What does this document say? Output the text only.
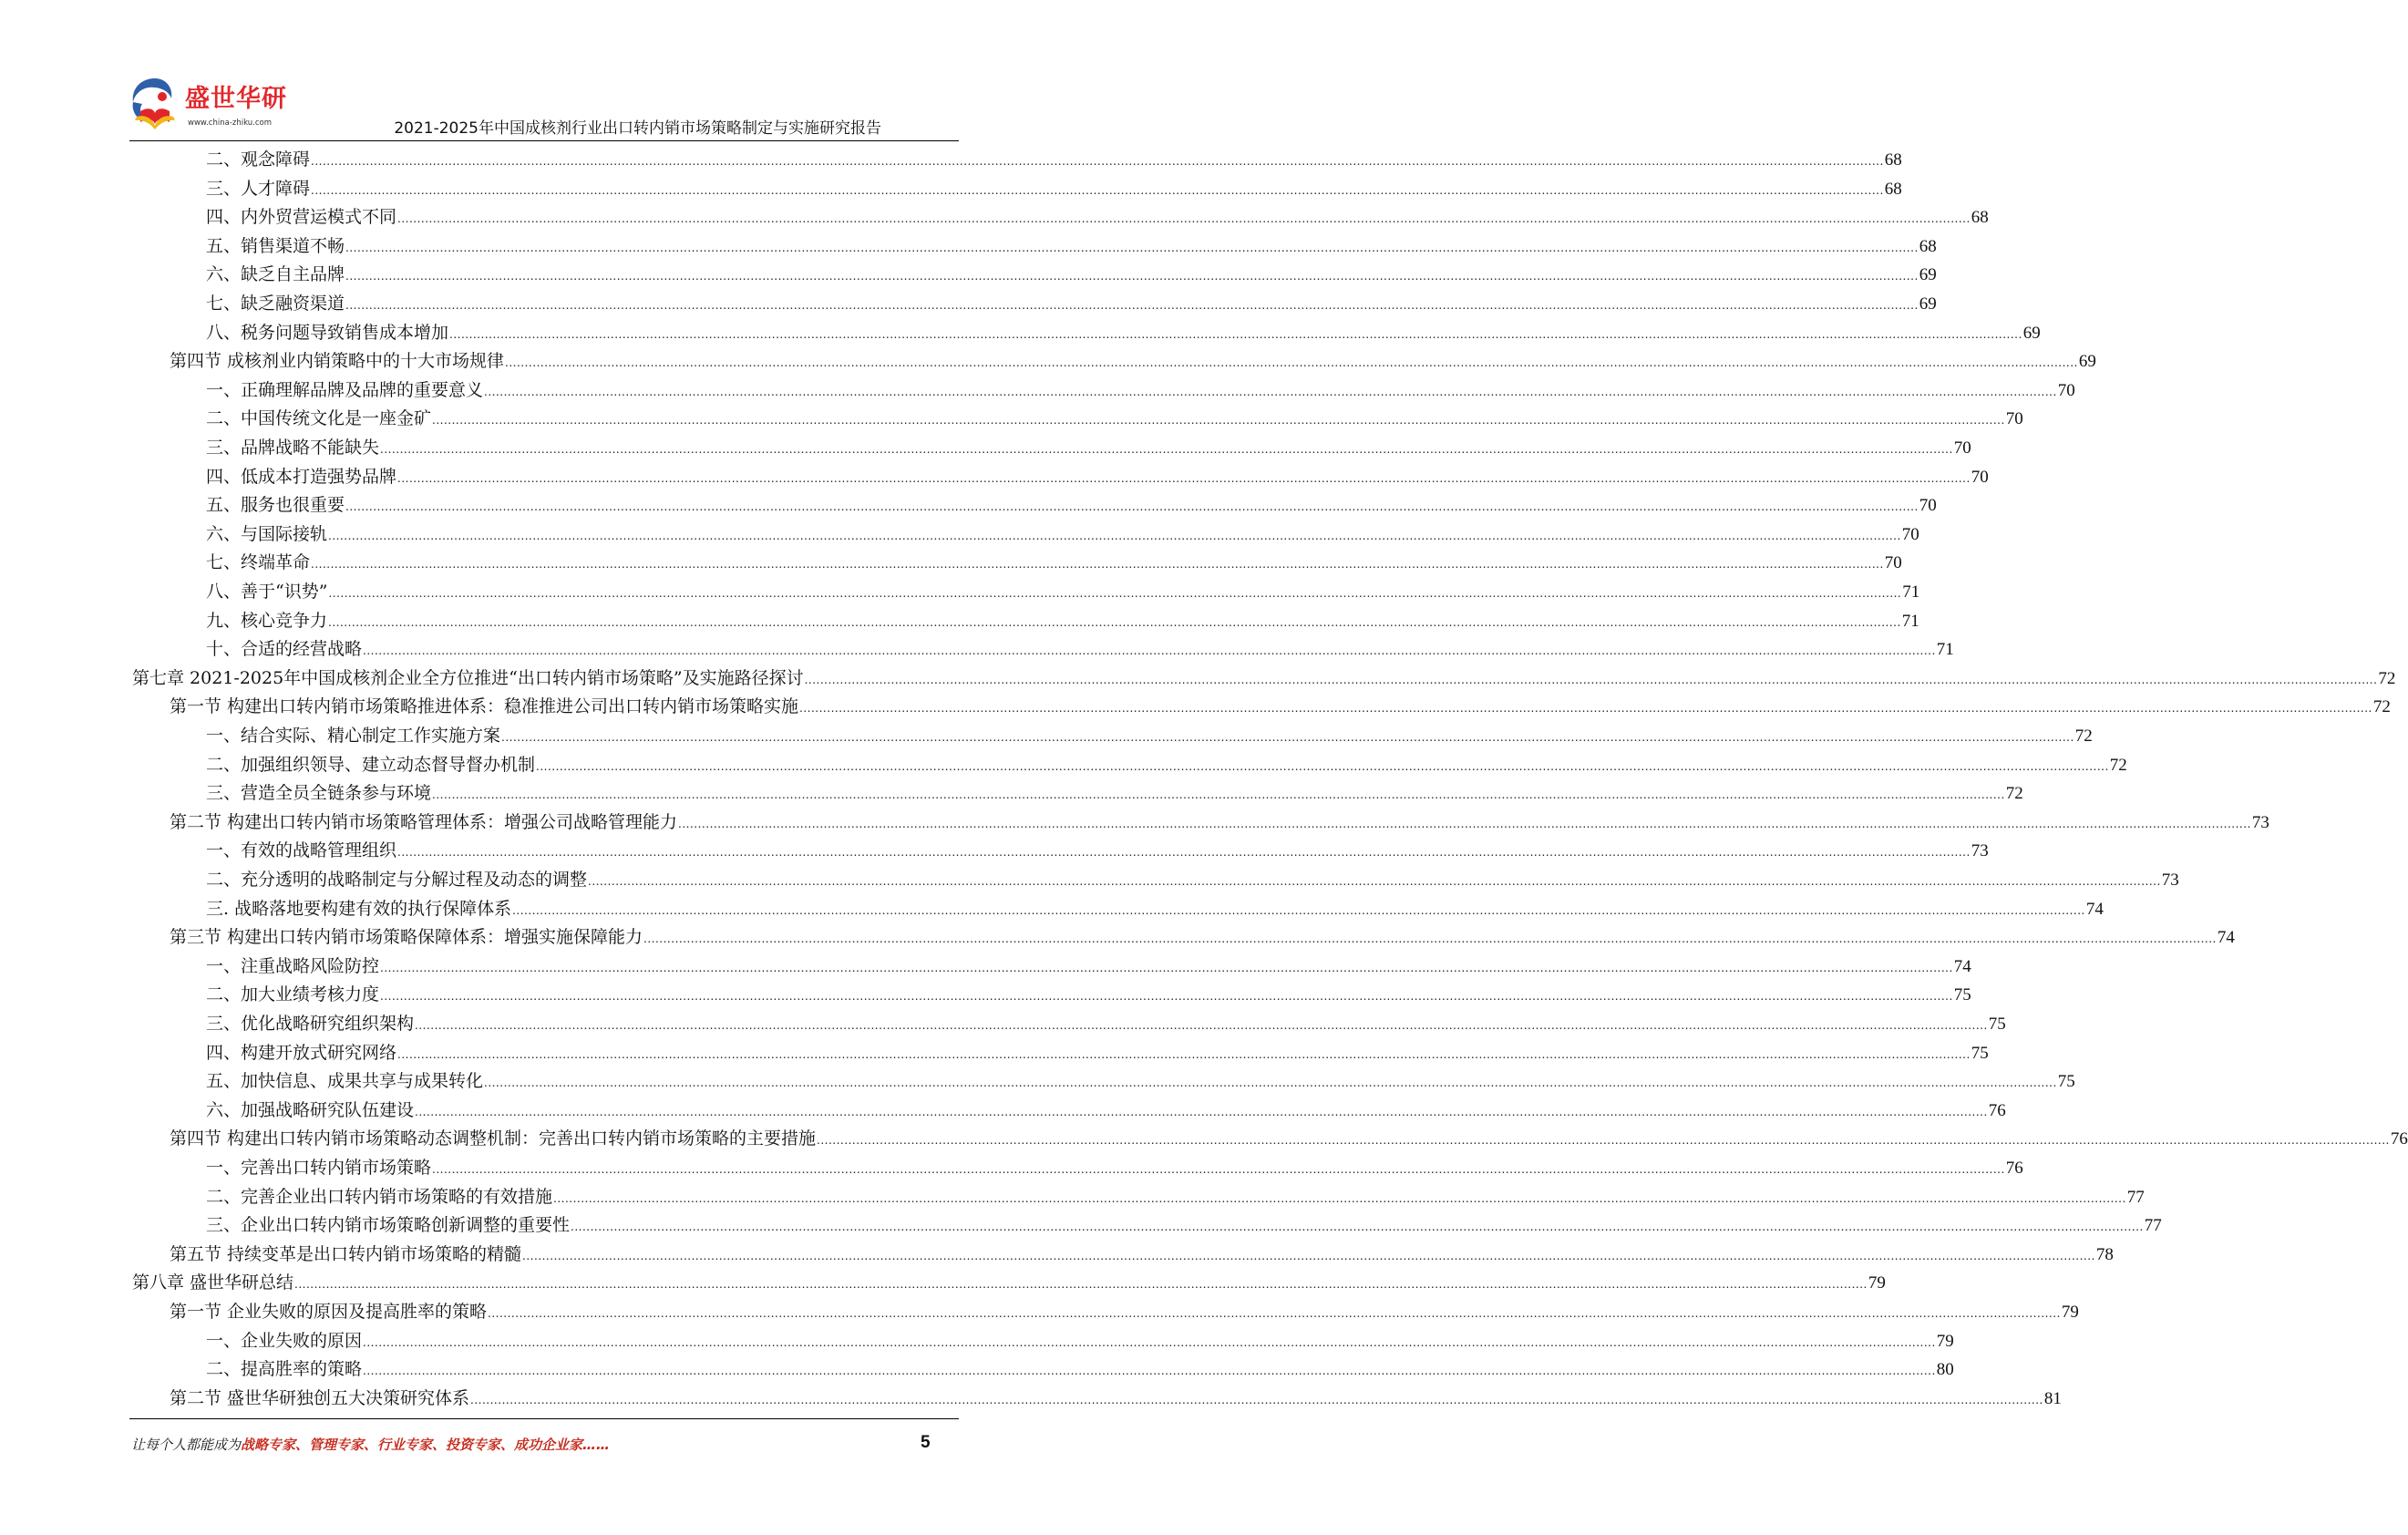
盛世华研
www.china-zhiku.com	2021-2025年中国成核剂行业出口转内销市场策略制定与实施研究报告
二、观念障碍 ................................................................................................................................................................................................................................................................................................................................................................................................................ 68
三、人才障碍 ................................................................................................................................................................................................................................................................................................................................................................................................................ 68
四、内外贸营运模式不同 ................................................................................................................................................................................................................................................................................................................................................................................................................ 68
五、销售渠道不畅 ................................................................................................................................................................................................................................................................................................................................................................................................................ 68
六、缺乏自主品牌 ................................................................................................................................................................................................................................................................................................................................................................................................................ 69
七、缺乏融资渠道 ................................................................................................................................................................................................................................................................................................................................................................................................................ 69
八、税务问题导致销售成本增加 ................................................................................................................................................................................................................................................................................................................................................................................................................ 69
第四节 成核剂业内销策略中的十大市场规律 ................................................................................................................................................................................................................................................................................................................................................................................................................ 69
一、正确理解品牌及品牌的重要意义 ................................................................................................................................................................................................................................................................................................................................................................................................................ 70
二、中国传统文化是一座金矿 ................................................................................................................................................................................................................................................................................................................................................................................................................ 70
三、品牌战略不能缺失 ................................................................................................................................................................................................................................................................................................................................................................................................................ 70
四、低成本打造强势品牌 ................................................................................................................................................................................................................................................................................................................................................................................................................ 70
五、服务也很重要 ................................................................................................................................................................................................................................................................................................................................................................................................................ 70
六、与国际接轨 ................................................................................................................................................................................................................................................................................................................................................................................................................ 70
七、终端革命 ................................................................................................................................................................................................................................................................................................................................................................................................................ 70
八、善于“识势” ................................................................................................................................................................................................................................................................................................................................................................................................................ 71
九、核心竞争力 ................................................................................................................................................................................................................................................................................................................................................................................................................ 71
十、合适的经营战略 ................................................................................................................................................................................................................................................................................................................................................................................................................ 71
第七章 2021-2025年中国成核剂企业全方位推进“出口转内销市场策略”及实施路径探讨 ................................................................................................................................................................................................................................................................................................................................................................................................................ 72
第一节 构建出口转内销市场策略推进体系：稳准推进公司出口转内销市场策略实施 ................................................................................................................................................................................................................................................................................................................................................................................................................ 72
一、结合实际、精心制定工作实施方案 ................................................................................................................................................................................................................................................................................................................................................................................................................ 72
二、加强组织领导、建立动态督导督办机制 ................................................................................................................................................................................................................................................................................................................................................................................................................ 72
三、营造全员全链条参与环境 ................................................................................................................................................................................................................................................................................................................................................................................................................ 72
第二节 构建出口转内销市场策略管理体系：增强公司战略管理能力 ................................................................................................................................................................................................................................................................................................................................................................................................................ 73
一、有效的战略管理组织 ................................................................................................................................................................................................................................................................................................................................................................................................................ 73
二、充分透明的战略制定与分解过程及动态的调整 ................................................................................................................................................................................................................................................................................................................................................................................................................ 73
三. 战略落地要构建有效的执行保障体系 ................................................................................................................................................................................................................................................................................................................................................................................................................ 74
第三节 构建出口转内销市场策略保障体系：增强实施保障能力 ................................................................................................................................................................................................................................................................................................................................................................................................................ 74
一、注重战略风险防控 ................................................................................................................................................................................................................................................................................................................................................................................................................ 74
二、加大业绩考核力度 ................................................................................................................................................................................................................................................................................................................................................................................................................ 75
三、优化战略研究组织架构 ................................................................................................................................................................................................................................................................................................................................................................................................................ 75
四、构建开放式研究网络 ................................................................................................................................................................................................................................................................................................................................................................................................................ 75
五、加快信息、成果共享与成果转化 ................................................................................................................................................................................................................................................................................................................................................................................................................ 75
六、加强战略研究队伍建设 ................................................................................................................................................................................................................................................................................................................................................................................................................ 76
第四节 构建出口转内销市场策略动态调整机制：完善出口转内销市场策略的主要措施 ................................................................................................................................................................................................................................................................................................................................................................................................................ 76
一、完善出口转内销市场策略 ................................................................................................................................................................................................................................................................................................................................................................................................................ 76
二、完善企业出口转内销市场策略的有效措施 ................................................................................................................................................................................................................................................................................................................................................................................................................ 77
三、企业出口转内销市场策略创新调整的重要性 ................................................................................................................................................................................................................................................................................................................................................................................................................ 77
第五节 持续变革是出口转内销市场策略的精髓 ................................................................................................................................................................................................................................................................................................................................................................................................................ 78
第八章 盛世华研总结 ................................................................................................................................................................................................................................................................................................................................................................................................................ 79
第一节 企业失败的原因及提高胜率的策略 ................................................................................................................................................................................................................................................................................................................................................................................................................ 79
一、企业失败的原因 ................................................................................................................................................................................................................................................................................................................................................................................................................ 79
二、提高胜率的策略 ................................................................................................................................................................................................................................................................................................................................................................................................................ 80
第二节 盛世华研独创五大决策研究体系 ................................................................................................................................................................................................................................................................................................................................................................................................................ 81
让每个人都能成为战略专家、管理专家、行业专家、投资专家、成功企业家……	5
